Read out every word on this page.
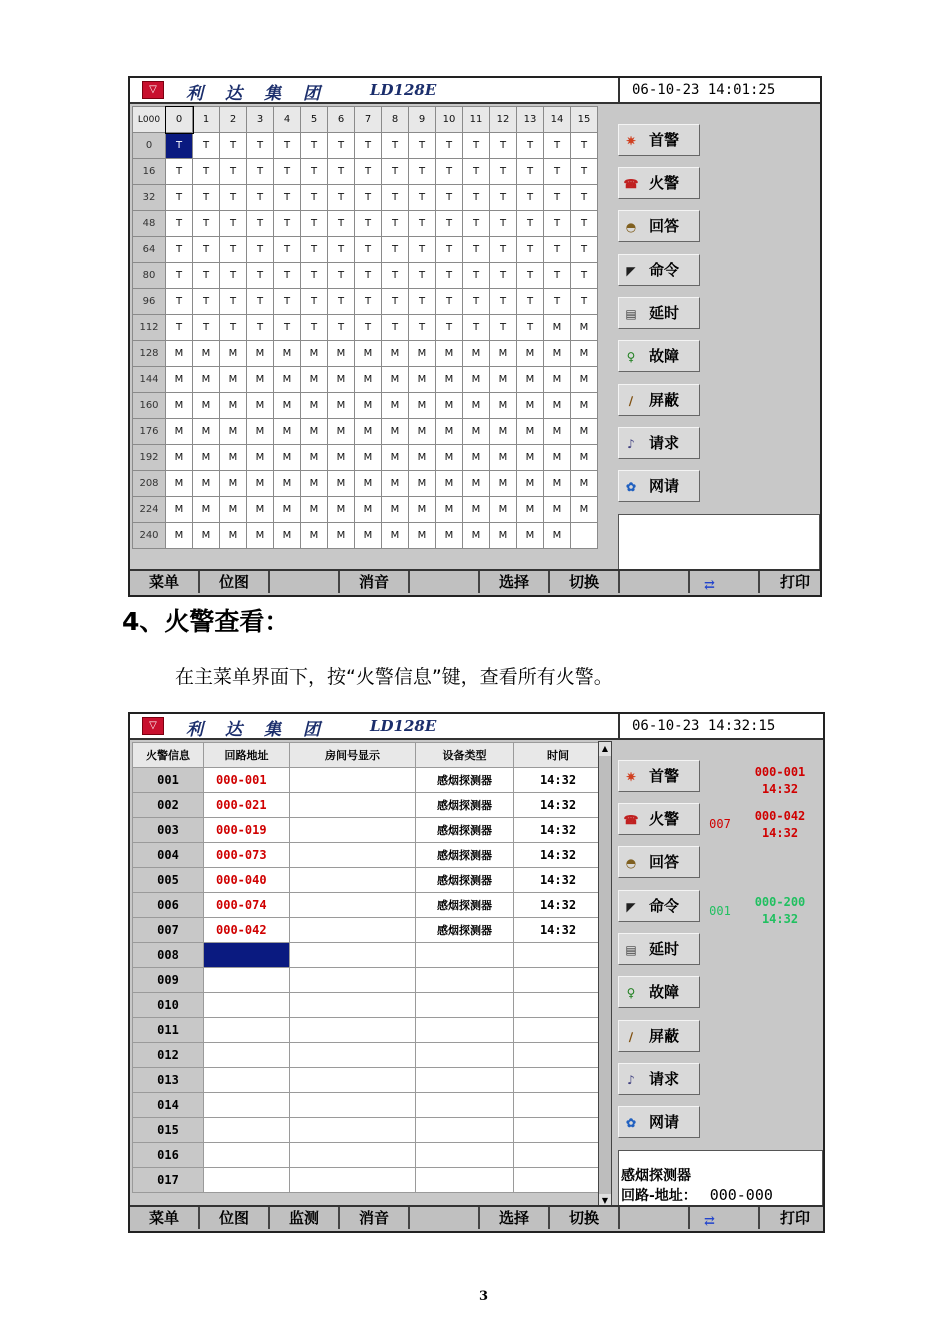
▽	利达集团 LD128E	06-10-23 14:01:25
L000	0	1	2	3	4	5	6	7	8	9	10	11	12	13	14	15
0	T	T	T	T	T	T	T	T	T	T	T	T	T	T	T	T
16	T	T	T	T	T	T	T	T	T	T	T	T	T	T	T	T
32	T	T	T	T	T	T	T	T	T	T	T	T	T	T	T	T
48	T	T	T	T	T	T	T	T	T	T	T	T	T	T	T	T
64	T	T	T	T	T	T	T	T	T	T	T	T	T	T	T	T
80	T	T	T	T	T	T	T	T	T	T	T	T	T	T	T	T
96	T	T	T	T	T	T	T	T	T	T	T	T	T	T	T	T
112	T	T	T	T	T	T	T	T	T	T	T	T	T	T	M	M
128	M	M	M	M	M	M	M	M	M	M	M	M	M	M	M	M
144	M	M	M	M	M	M	M	M	M	M	M	M	M	M	M	M
160	M	M	M	M	M	M	M	M	M	M	M	M	M	M	M	M
176	M	M	M	M	M	M	M	M	M	M	M	M	M	M	M	M
192	M	M	M	M	M	M	M	M	M	M	M	M	M	M	M	M
208	M	M	M	M	M	M	M	M	M	M	M	M	M	M	M	M
224	M	M	M	M	M	M	M	M	M	M	M	M	M	M	M	M
240	M	M	M	M	M	M	M	M	M	M	M	M	M	M	M	
✷ 首警
☎ 火警
◓ 回答
◤ 命令
▤ 延时
♀ 故障
∕ 屏蔽
♪ 请求
✿ 网请
菜单	位图	消音	选择	切换	⇄	打印
4、火警查看：
在主菜单界面下，按“火警信息”键，查看所有火警。
▽	利达集团 LD128E	06-10-23 14:32:15
火警信息	回路地址	房间号显示	设备类型	时间
001	000-001		感烟探测器	14:32
002	000-021		感烟探测器	14:32
003	000-019		感烟探测器	14:32
004	000-073		感烟探测器	14:32
005	000-040		感烟探测器	14:32
006	000-074		感烟探测器	14:32
007	000-042		感烟探测器	14:32
008				
009				
010				
011				
012				
013				
014				
015				
016				
017				
▲
▼
✷ 首警
☎ 火警
◓ 回答
◤ 命令
▤ 延时
♀ 故障
∕ 屏蔽
♪ 请求
✿ 网请
000-001
14:32
007
000-042
14:32
001
000-200
14:32
感烟探测器
回路-地址： 000-000
菜单	位图	监测	消音	选择	切换	⇄	打印
3
